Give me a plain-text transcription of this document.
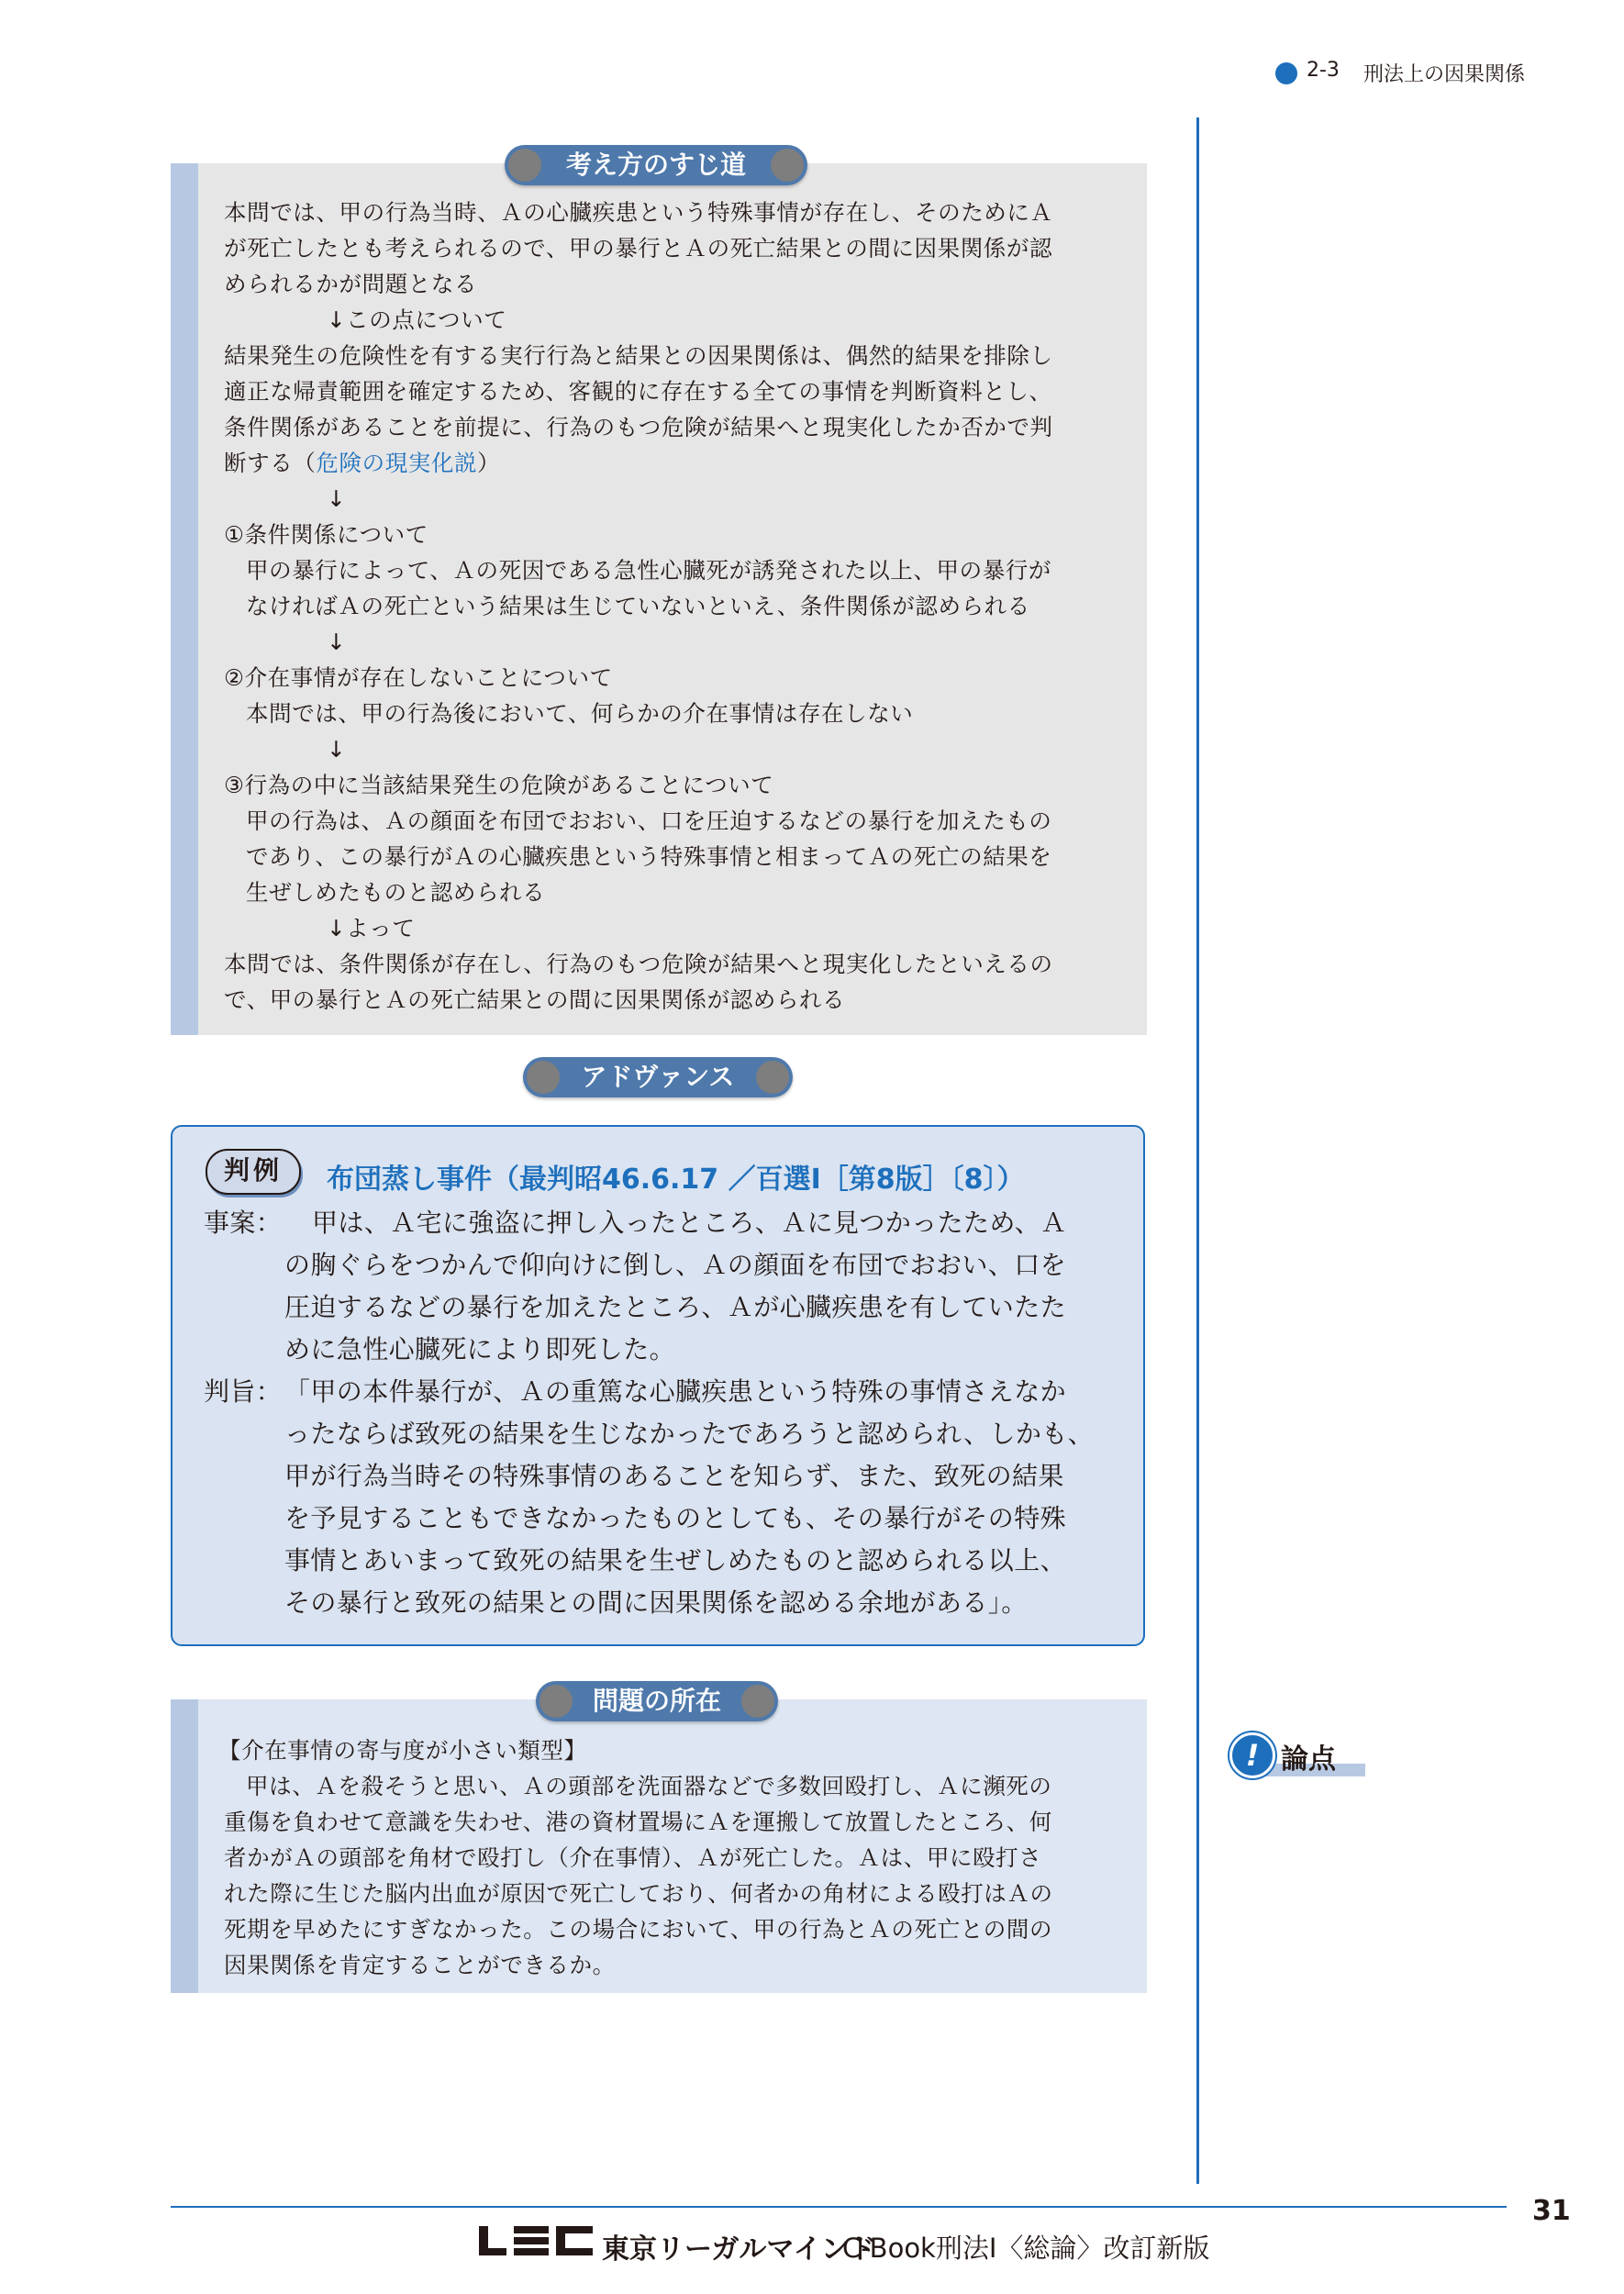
2-3 刑法上の因果関係
本問では、甲の行為当時、Ａの心臓疾患という特殊事情が存在し、そのためにＡ
が死亡したとも考えられるので、甲の暴行とＡの死亡結果との間に因果関係が認
められるかが問題となる
↓この点について
結果発生の危険性を有する実行行為と結果との因果関係は、偶然的結果を排除し
適正な帰責範囲を確定するため、客観的に存在する全ての事情を判断資料とし、
条件関係があることを前提に、行為のもつ危険が結果へと現実化したか否かで判
断する（危険の現実化説）
↓
①条件関係について
甲の暴行によって、Ａの死因である急性心臓死が誘発された以上、甲の暴行が
なければＡの死亡という結果は生じていないといえ、条件関係が認められる
↓
②介在事情が存在しないことについて
本問では、甲の行為後において、何らかの介在事情は存在しない
↓
③行為の中に当該結果発生の危険があることについて
甲の行為は、Ａの顔面を布団でおおい、口を圧迫するなどの暴行を加えたもの
であり、この暴行がＡの心臓疾患という特殊事情と相まってＡの死亡の結果を
生ぜしめたものと認められる
↓よって
本問では、条件関係が存在し、行為のもつ危険が結果へと現実化したといえるの
で、甲の暴行とＡの死亡結果との間に因果関係が認められる
考え方のすじ道
アドヴァンス
判例	布団蒸し事件（最判昭46.6.17 ／百選Ⅰ［第8版］〔8〕）
事案： 甲は、Ａ宅に強盗に押し入ったところ、Ａに見つかったため、Ａ
の胸ぐらをつかんで仰向けに倒し、Ａの顔面を布団でおおい、口を
圧迫するなどの暴行を加えたところ、Ａが心臓疾患を有していたた
めに急性心臓死により即死した。
判旨： 「甲の本件暴行が、Ａの重篤な心臓疾患という特殊の事情さえなか
ったならば致死の結果を生じなかったであろうと認められ、しかも、
甲が行為当時その特殊事情のあることを知らず、また、致死の結果
を予見することもできなかったものとしても、その暴行がその特殊
事情とあいまって致死の結果を生ぜしめたものと認められる以上、
その暴行と致死の結果との間に因果関係を認める余地がある」。
【介在事情の寄与度が小さい類型】
甲は、Ａを殺そうと思い、Ａの頭部を洗面器などで多数回殴打し、Ａに瀕死の
重傷を負わせて意識を失わせ、港の資材置場にＡを運搬して放置したところ、何
者かがＡの頭部を角材で殴打し（介在事情）、Ａが死亡した。Ａは、甲に殴打さ
れた際に生じた脳内出血が原因で死亡しており、何者かの角材による殴打はＡの
死期を早めたにすぎなかった。この場合において、甲の行為とＡの死亡との間の
因果関係を肯定することができるか。
問題の所在
! 論点
31
東京リーガルマインド
C-Book刑法Ⅰ〈総論〉改訂新版
